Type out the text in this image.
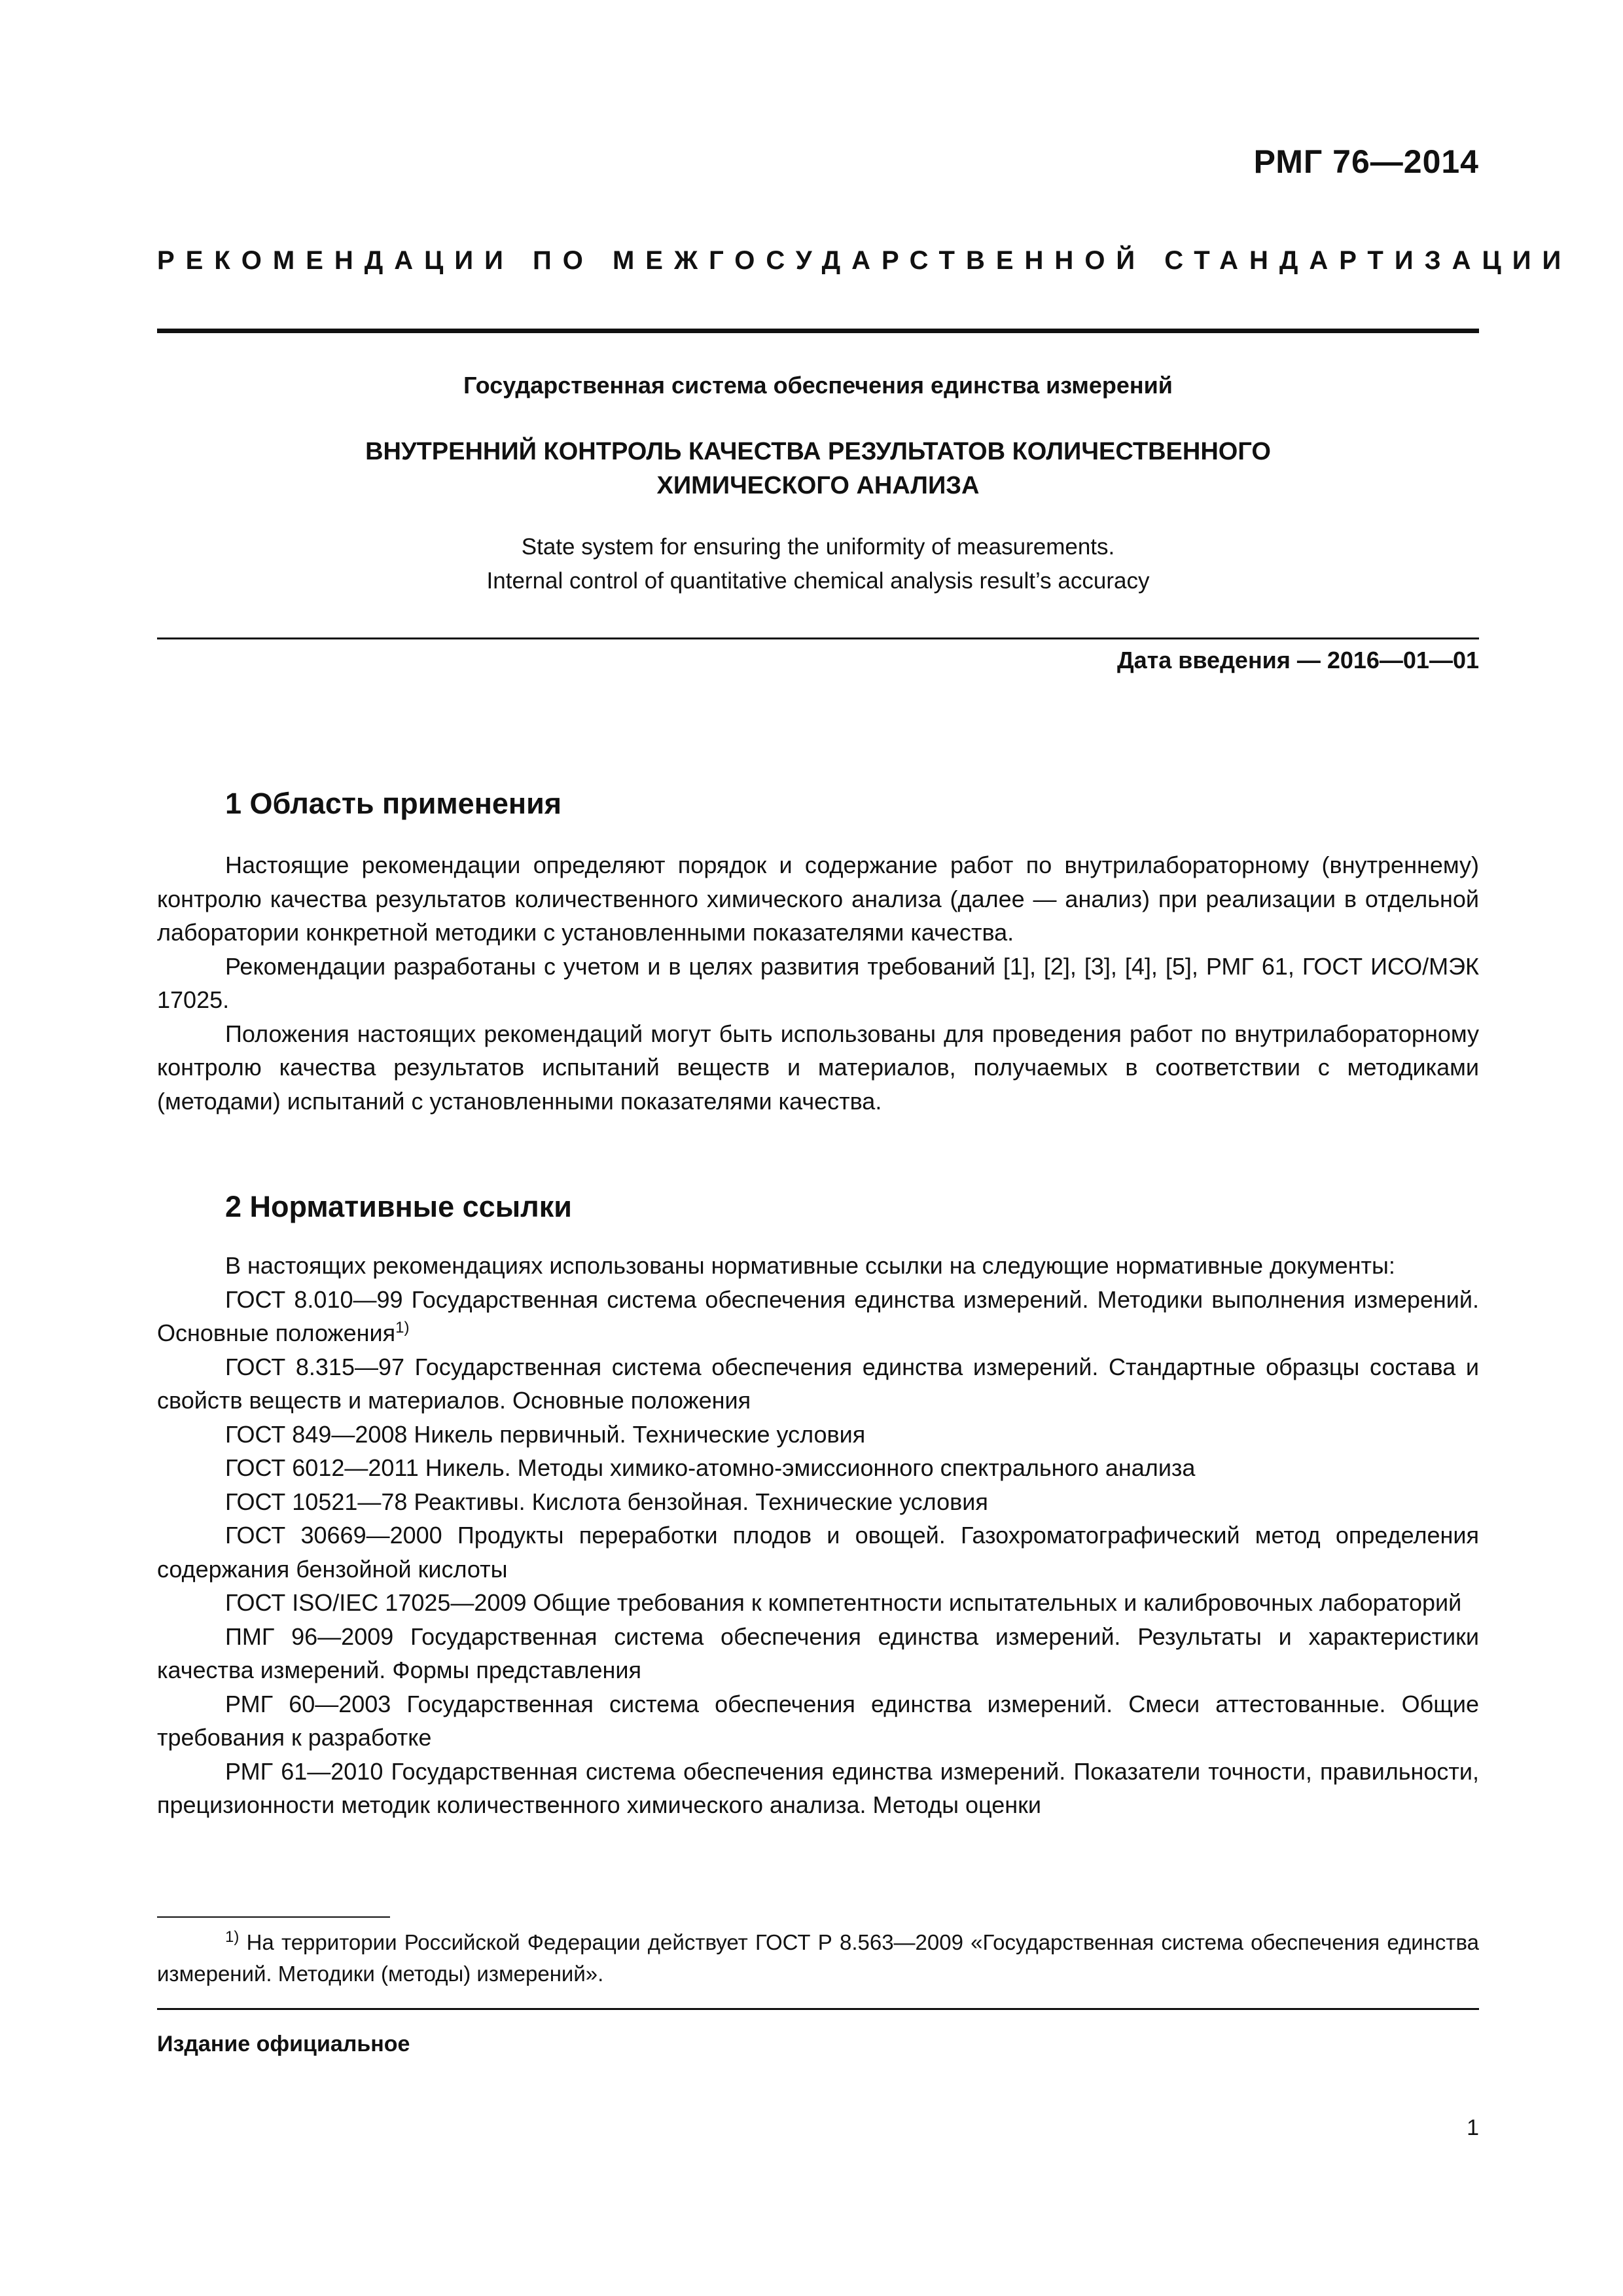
РМГ 76—2014
РЕКОМЕНДАЦИИ ПО МЕЖГОСУДАРСТВЕННОЙ СТАНДАРТИЗАЦИИ
Государственная система обеспечения единства измерений
ВНУТРЕННИЙ КОНТРОЛЬ КАЧЕСТВА РЕЗУЛЬТАТОВ КОЛИЧЕСТВЕННОГО
ХИМИЧЕСКОГО АНАЛИЗА
State system for ensuring the uniformity of measurements.
Internal control of quantitative chemical analysis result’s accuracy
Дата введения — 2016—01—01
1 Область применения

Настоящие рекомендации определяют порядок и содержание работ по внутрилабораторному (внутреннему) контролю качества результатов количественного химического анализа (далее — анализ) при реализации в отдельной лаборатории конкретной методики с установленными показателями качества.

Рекомендации разработаны с учетом и в целях развития требований [1], [2], [3], [4], [5], РМГ 61, ГОСТ ИСО/МЭК 17025.

Положения настоящих рекомендаций могут быть использованы для проведения работ по внутрилабораторному контролю качества результатов испытаний веществ и материалов, получаемых в соответствии с методиками (методами) испытаний с установленными показателями качества.

2 Нормативные ссылки

В настоящих рекомендациях использованы нормативные ссылки на следующие нормативные документы:

ГОСТ 8.010—99 Государственная система обеспечения единства измерений. Методики выполнения измерений. Основные положения$^{1)}$

ГОСТ 8.315—97 Государственная система обеспечения единства измерений. Стандартные образцы состава и свойств веществ и материалов. Основные положения

ГОСТ 849—2008 Никель первичный. Технические условия

ГОСТ 6012—2011 Никель. Методы химико-атомно-эмиссионного спектрального анализа

ГОСТ 10521—78 Реактивы. Кислота бензойная. Технические условия

ГОСТ 30669—2000 Продукты переработки плодов и овощей. Газохроматографический метод определения содержания бензойной кислоты

ГОСТ ISO/IEC 17025—2009 Общие требования к компетентности испытательных и калибровочных лабораторий

ПМГ 96—2009 Государственная система обеспечения единства измерений. Результаты и характеристики качества измерений. Формы представления

РМГ 60—2003 Государственная система обеспечения единства измерений. Смеси аттестованные. Общие требования к разработке

РМГ 61—2010 Государственная система обеспечения единства измерений. Показатели точности, правильности, прецизионности методик количественного химического анализа. Методы оценки

$^{1)}$ На территории Российской Федерации действует ГОСТ Р 8.563—2009 «Государственная система обеспечения единства измерений. Методики (методы) измерений».

Издание официальное
1
